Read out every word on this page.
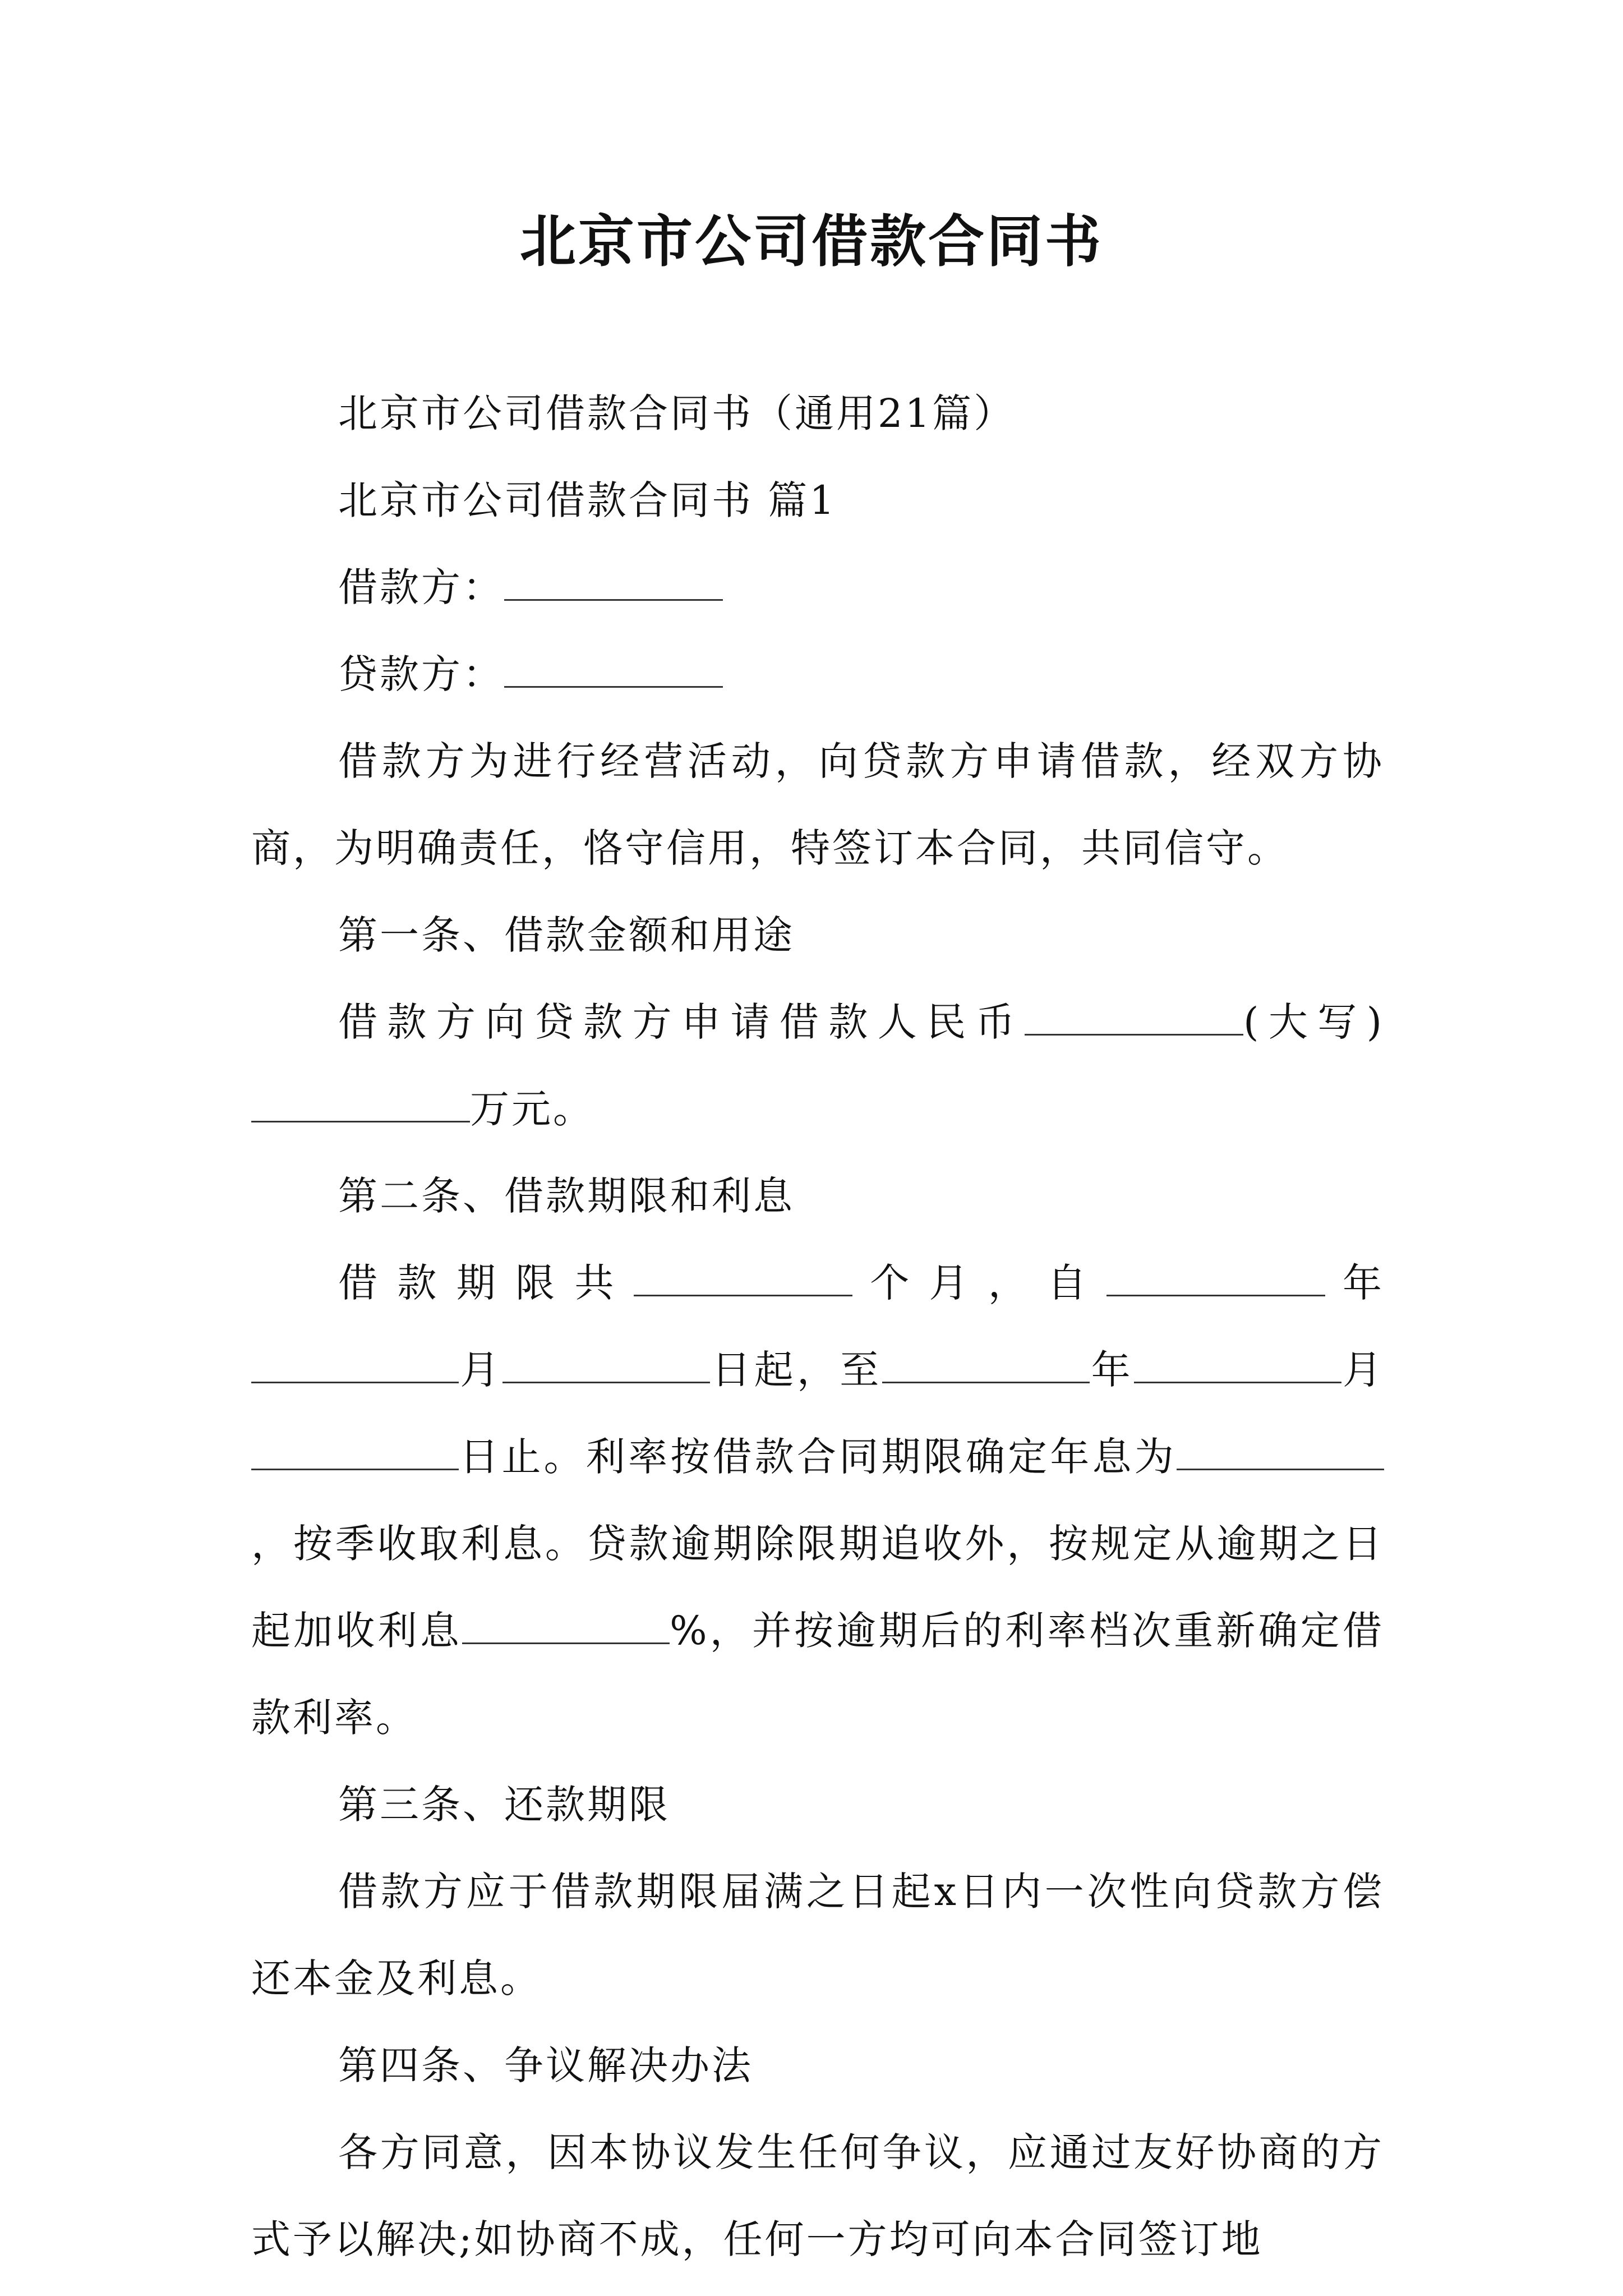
北京市公司借款合同书

北京市公司借款合同书（通用21篇）

北京市公司借款合同书 篇1

借款方：

贷款方：

借款方为进行经营活动，向贷款方申请借款，经双方协商，为明确责任，恪守信用，特签订本合同，共同信守。

第一条、借款金额和用途

借款方向贷款方申请借款人民币	(大写)万元。

第二条、借款期限和利息

借款期限共	个月，自	年月	日起，至	年	月日止。利率按借款合同期限确定年息为，按季收取利息。贷款逾期除限期追收外，按规定从逾期之日起加收利息	%，并按逾期后的利率档次重新确定借款利率。

第三条、还款期限

借款方应于借款期限届满之日起x日内一次性向贷款方偿还本金及利息。

第四条、争议解决办法

各方同意，因本协议发生任何争议，应通过友好协商的方式予以解决;如协商不成，任何一方均可向本合同签订地
